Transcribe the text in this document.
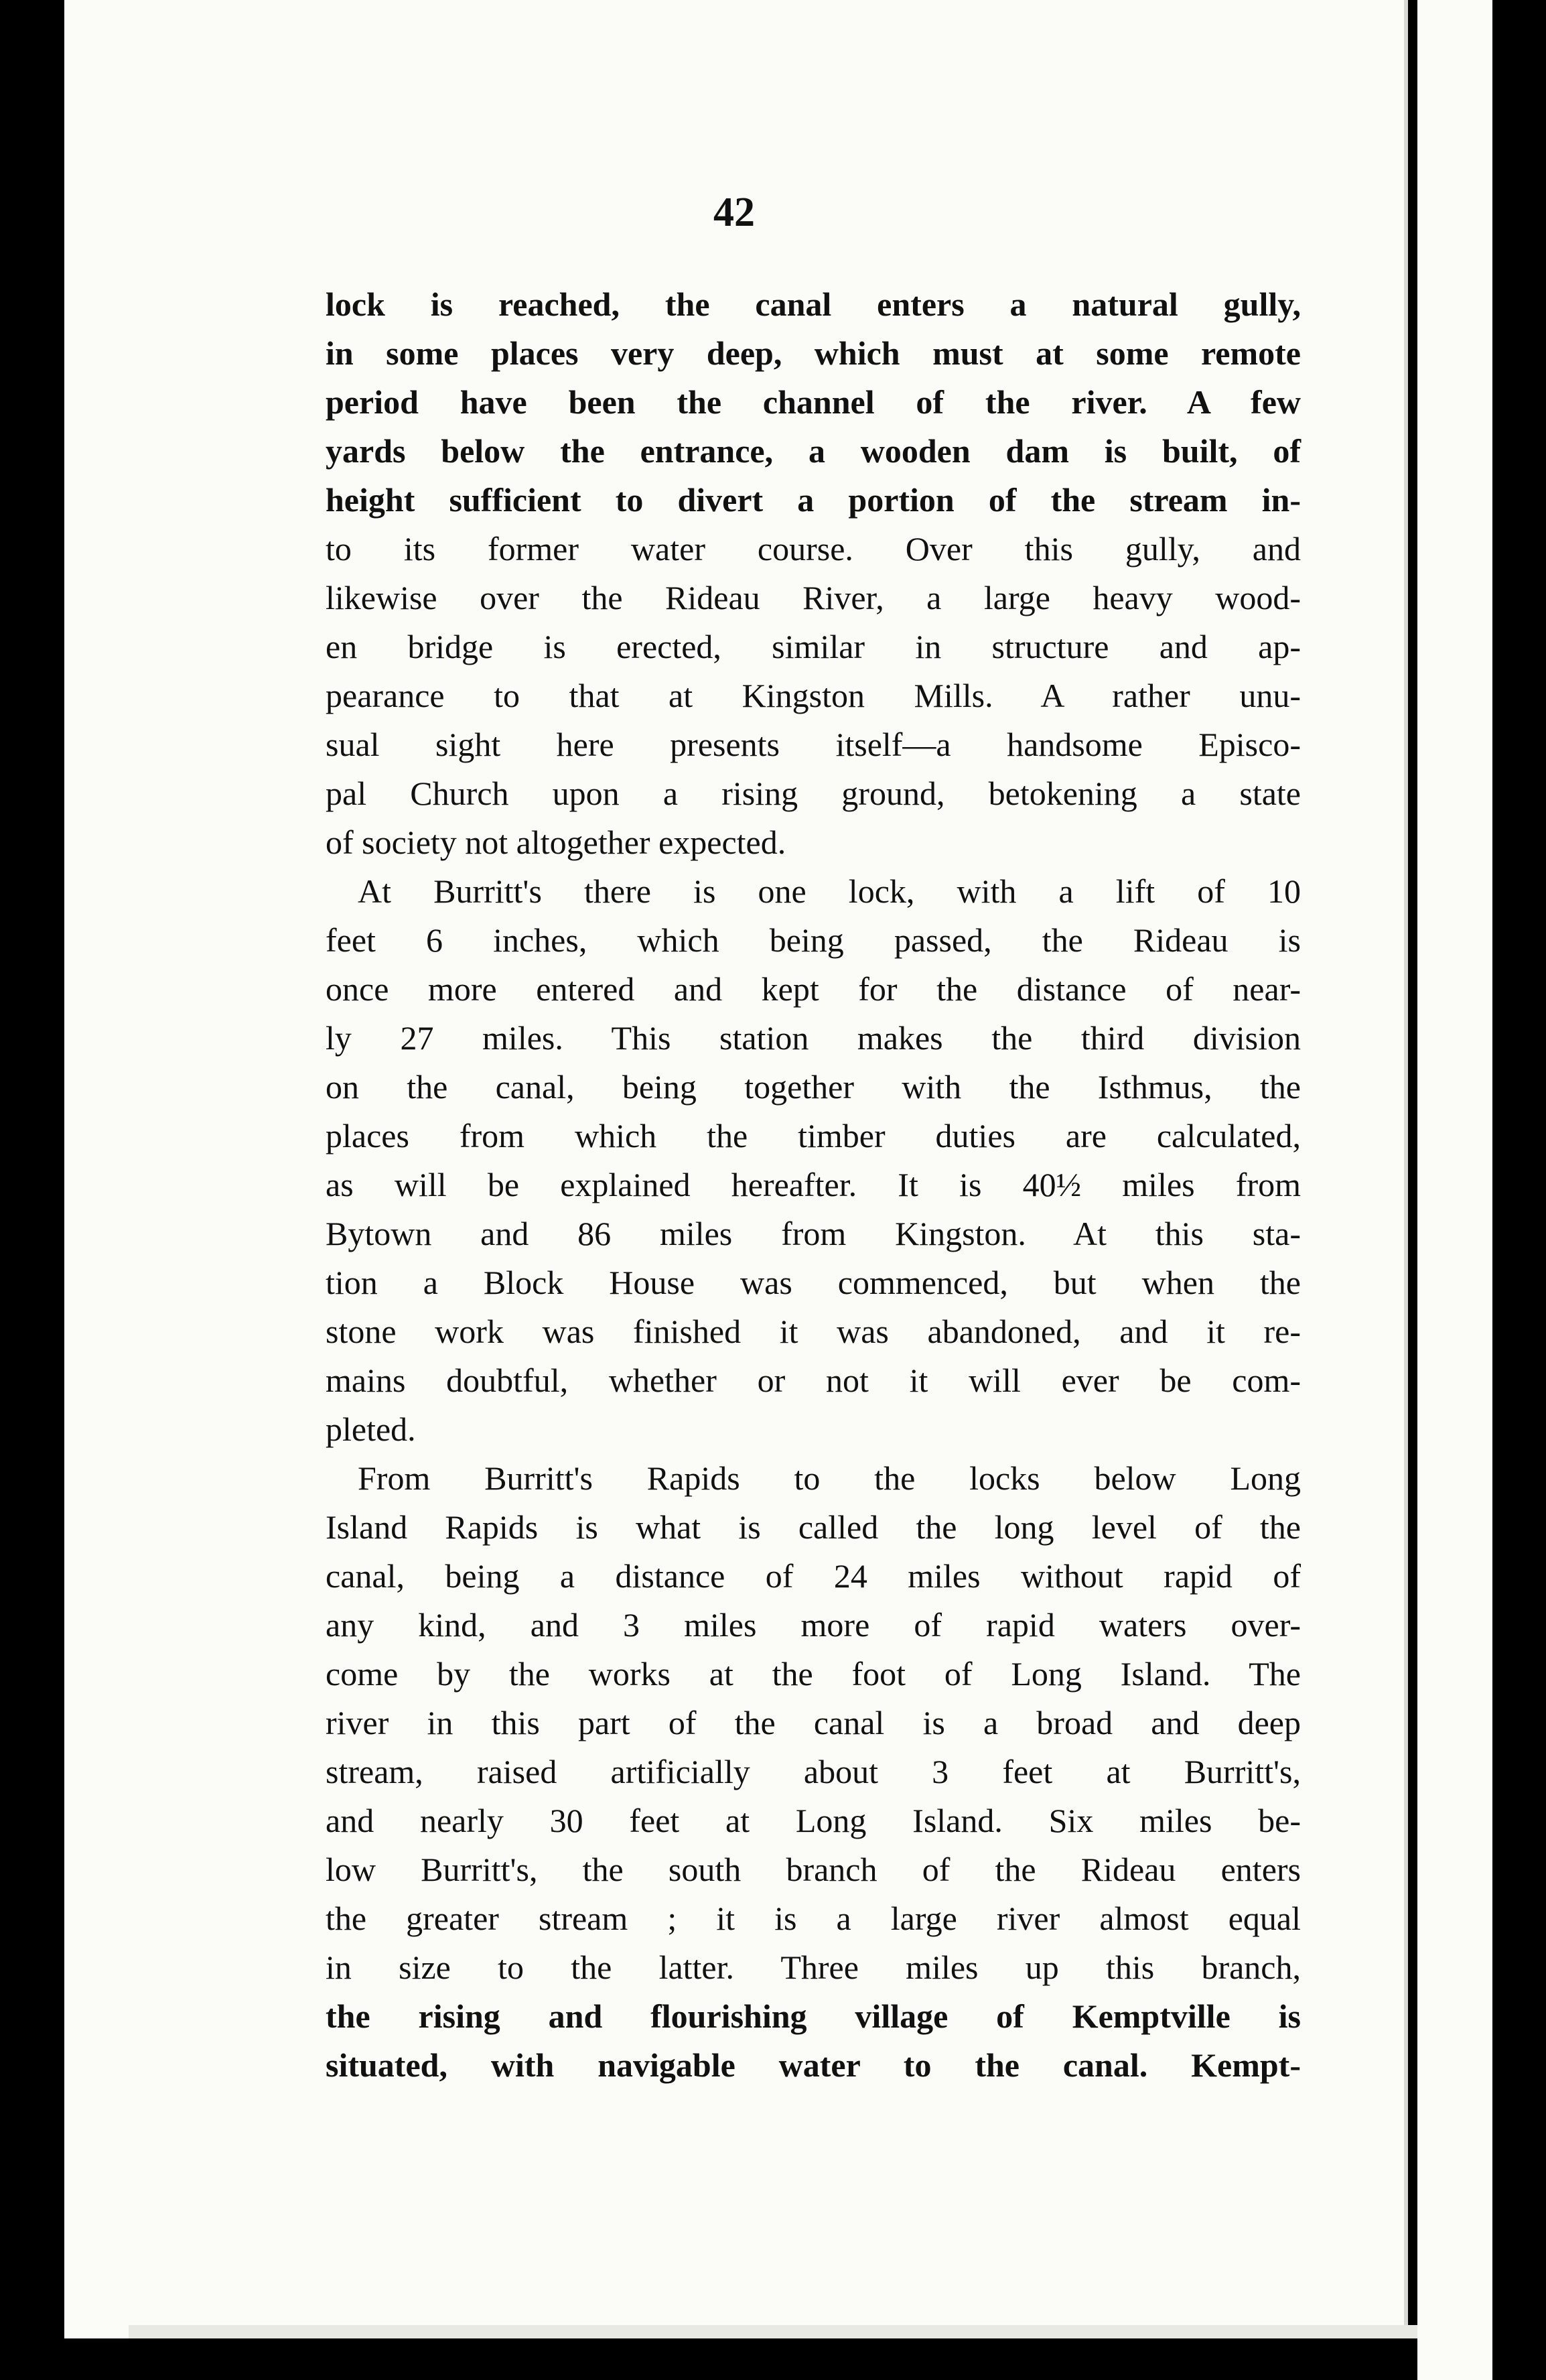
42
lock is reached, the canal enters a natural gully,
in some places very deep, which must at some remote
period have been the channel of the river. A few
yards below the entrance, a wooden dam is built, of
height sufficient to divert a portion of the stream in-
to its former water course. Over this gully, and
likewise over the Rideau River, a large heavy wood-
en bridge is erected, similar in structure and ap-
pearance to that at Kingston Mills. A rather unu-
sual sight here presents itself—a handsome Episco-
pal Church upon a rising ground, betokening a state
of society not altogether expected.
At Burritt's there is one lock, with a lift of 10
feet 6 inches, which being passed, the Rideau is
once more entered and kept for the distance of near-
ly 27 miles. This station makes the third division
on the canal, being together with the Isthmus, the
places from which the timber duties are calculated,
as will be explained hereafter. It is 40½ miles from
Bytown and 86 miles from Kingston. At this sta-
tion a Block House was commenced, but when the
stone work was finished it was abandoned, and it re-
mains doubtful, whether or not it will ever be com-
pleted.
From Burritt's Rapids to the locks below Long
Island Rapids is what is called the long level of the
canal, being a distance of 24 miles without rapid of
any kind, and 3 miles more of rapid waters over-
come by the works at the foot of Long Island. The
river in this part of the canal is a broad and deep
stream, raised artificially about 3 feet at Burritt's,
and nearly 30 feet at Long Island. Six miles be-
low Burritt's, the south branch of the Rideau enters
the greater stream ; it is a large river almost equal
in size to the latter. Three miles up this branch,
the rising and flourishing village of Kemptville is
situated, with navigable water to the canal. Kempt-
